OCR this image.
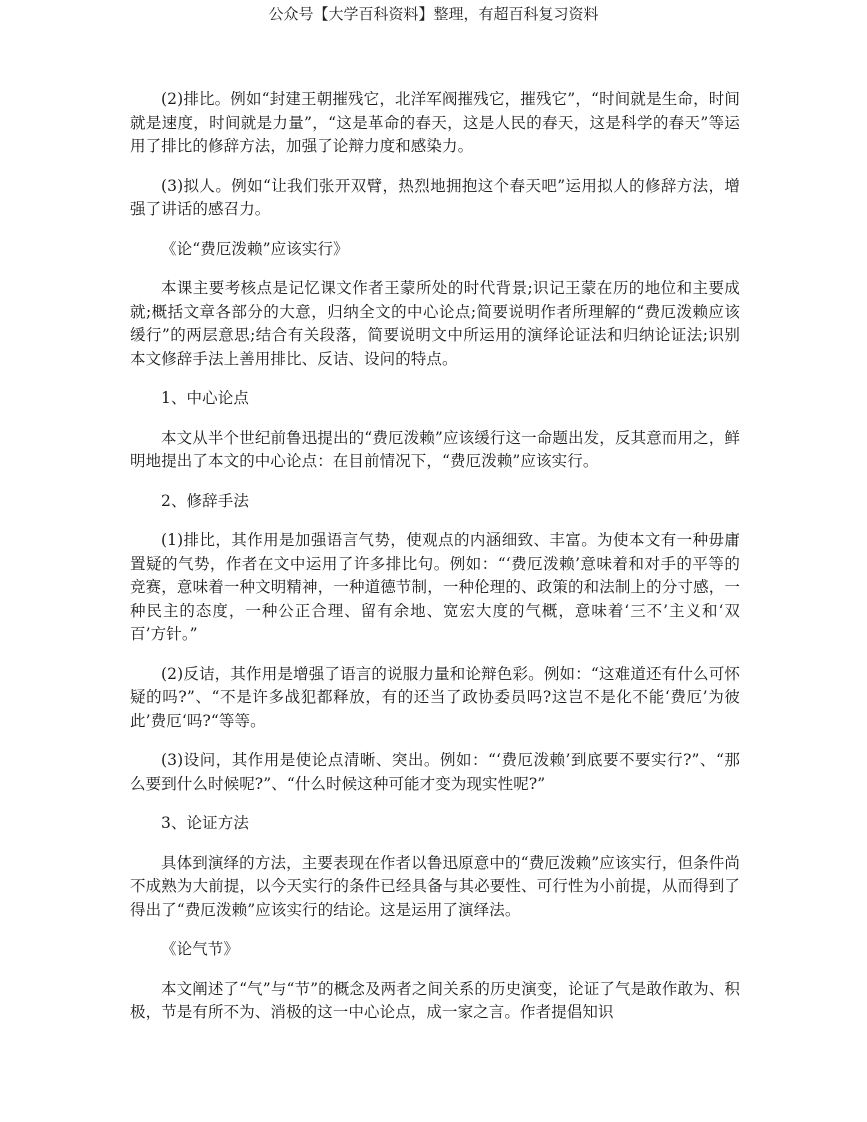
公众号【大学百科资料】整理，有超百科复习资料

(2)排比。例如“封建王朝摧残它，北洋军阀摧残它，摧残它”，“时间就是生命，时间就是速度，时间就是力量”，“这是革命的春天，这是人民的春天，这是科学的春天”等运用了排比的修辞方法，加强了论辩力度和感染力。

(3)拟人。例如“让我们张开双臂，热烈地拥抱这个春天吧”运用拟人的修辞方法，增强了讲话的感召力。

《论“费厄泼赖”应该实行》

本课主要考核点是记忆课文作者王蒙所处的时代背景;识记王蒙在历的地位和主要成就;概括文章各部分的大意，归纳全文的中心论点;简要说明作者所理解的“费厄泼赖应该缓行”的两层意思;结合有关段落，简要说明文中所运用的演绎论证法和归纳论证法;识别本文修辞手法上善用排比、反诘、设问的特点。

1、中心论点

本文从半个世纪前鲁迅提出的“费厄泼赖”应该缓行这一命题出发，反其意而用之，鲜明地提出了本文的中心论点：在目前情况下，“费厄泼赖”应该实行。

2、修辞手法

(1)排比，其作用是加强语言气势，使观点的内涵细致、丰富。为使本文有一种毋庸置疑的气势，作者在文中运用了许多排比句。例如：“‘费厄泼赖’意味着和对手的平等的竞赛，意味着一种文明精神，一种道德节制，一种伦理的、政策的和法制上的分寸感，一种民主的态度，一种公正合理、留有余地、宽宏大度的气概，意味着‘三不’主义和‘双百’方针。”

(2)反诘，其作用是增强了语言的说服力量和论辩色彩。例如：“这难道还有什么可怀疑的吗?”、“不是许多战犯都释放，有的还当了政协委员吗?这岂不是化不能‘费厄’为彼此’费厄‘吗?“等等。

(3)设问，其作用是使论点清晰、突出。例如：“‘费厄泼赖’到底要不要实行?”、“那么要到什么时候呢?”、“什么时候这种可能才变为现实性呢?”

3、论证方法

具体到演绎的方法，主要表现在作者以鲁迅原意中的“费厄泼赖”应该实行，但条件尚不成熟为大前提，以今天实行的条件已经具备与其必要性、可行性为小前提，从而得到了得出了“费厄泼赖”应该实行的结论。这是运用了演绎法。

《论气节》

本文阐述了“气”与“节”的概念及两者之间关系的历史演变，论证了气是敢作敢为、积极，节是有所不为、消极的这一中心论点，成一家之言。作者提倡知识
